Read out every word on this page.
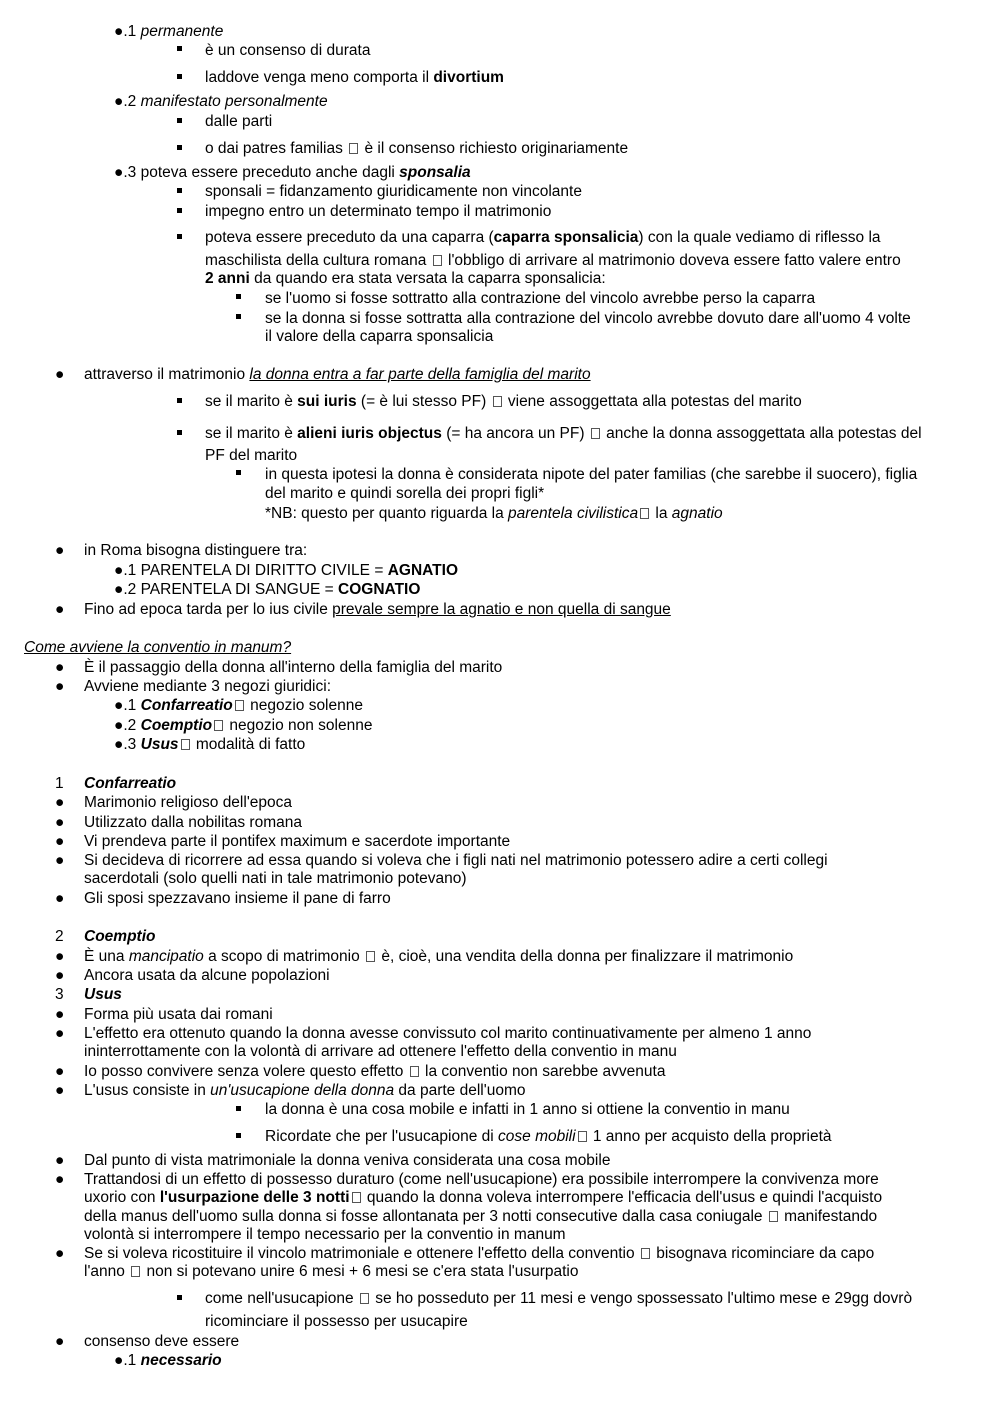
●.1 permanente
è un consenso di durata
laddove venga meno comporta il divortium
●.2 manifestato personalmente
dalle parti
o dai patres familias  è il consenso richiesto originariamente
●.3 poteva essere preceduto anche dagli sponsalia
sponsali = fidanzamento giuridicamente non vincolante
impegno entro un determinato tempo il matrimonio
poteva essere preceduto da una caparra (caparra sponsalicia) con la quale vediamo di riflesso la
maschilista della cultura romana  l'obbligo di arrivare al matrimonio doveva essere fatto valere entro
2 anni da quando era stata versata la caparra sponsalicia:
se l'uomo si fosse sottratto alla contrazione del vincolo avrebbe perso la caparra
se la donna si fosse sottratta alla contrazione del vincolo avrebbe dovuto dare all'uomo 4 volte
il valore della caparra sponsalicia
●	attraverso il matrimonio la donna entra a far parte della famiglia del marito
se il marito è sui iuris (= è lui stesso PF)  viene assoggettata alla potestas del marito
se il marito è alieni iuris objectus (= ha ancora un PF)  anche la donna assoggettata alla potestas del
PF del marito
in questa ipotesi la donna è considerata nipote del pater familias (che sarebbe il suocero), figlia
del marito e quindi sorella dei propri figli*
*NB: questo per quanto riguarda la parentela civilistica la agnatio
●	in Roma bisogna distinguere tra:
●.1 PARENTELA DI DIRITTO CIVILE = AGNATIO
●.2 PARENTELA DI SANGUE = COGNATIO
●	Fino ad epoca tarda per lo ius civile prevale sempre la agnatio e non quella di sangue
Come avviene la conventio in manum?
●	È il passaggio della donna all'interno della famiglia del marito
●	Avviene mediante 3 negozi giuridici:
●.1 Confarreatio negozio solenne
●.2 Coemptio negozio non solenne
●.3 Usus modalità di fatto
1	Confarreatio
●	Marimonio religioso dell'epoca
●	Utilizzato dalla nobilitas romana
●	Vi prendeva parte il pontifex maximum e sacerdote importante
●	Si decideva di ricorrere ad essa quando si voleva che i figli nati nel matrimonio potessero adire a certi collegi
sacerdotali (solo quelli nati in tale matrimonio potevano)
●	Gli sposi spezzavano insieme il pane di farro
2	Coemptio
●	È una mancipatio a scopo di matrimonio  è, cioè, una vendita della donna per finalizzare il matrimonio
●	Ancora usata da alcune popolazioni
3	Usus
●	Forma più usata dai romani
●	L'effetto era ottenuto quando la donna avesse convissuto col marito continuativamente per almeno 1 anno
ininterrottamente con la volontà di arrivare ad ottenere l'effetto della conventio in manu
●	Io posso convivere senza volere questo effetto  la conventio non sarebbe avvenuta
●	L'usus consiste in un'usucapione della donna da parte dell'uomo
la donna è una cosa mobile e infatti in 1 anno si ottiene la conventio in manu
Ricordate che per l'usucapione di cose mobili 1 anno per acquisto della proprietà
●	Dal punto di vista matrimoniale la donna veniva considerata una cosa mobile
●	Trattandosi di un effetto di possesso duraturo (come nell'usucapione) era possibile interrompere la convivenza more
uxorio con l'usurpazione delle 3 notti quando la donna voleva interrompere l'efficacia dell'usus e quindi l'acquisto
della manus dell'uomo sulla donna si fosse allontanata per 3 notti consecutive dalla casa coniugale  manifestando
volontà si interrompere il tempo necessario per la conventio in manum
●	Se si voleva ricostituire il vincolo matrimoniale e ottenere l'effetto della conventio  bisognava ricominciare da capo
l'anno  non si potevano unire 6 mesi + 6 mesi se c'era stata l'usurpatio
come nell'usucapione  se ho posseduto per 11 mesi e vengo spossessato l'ultimo mese e 29gg dovrò
ricominciare il possesso per usucapire
●	consenso deve essere
●.1 necessario
